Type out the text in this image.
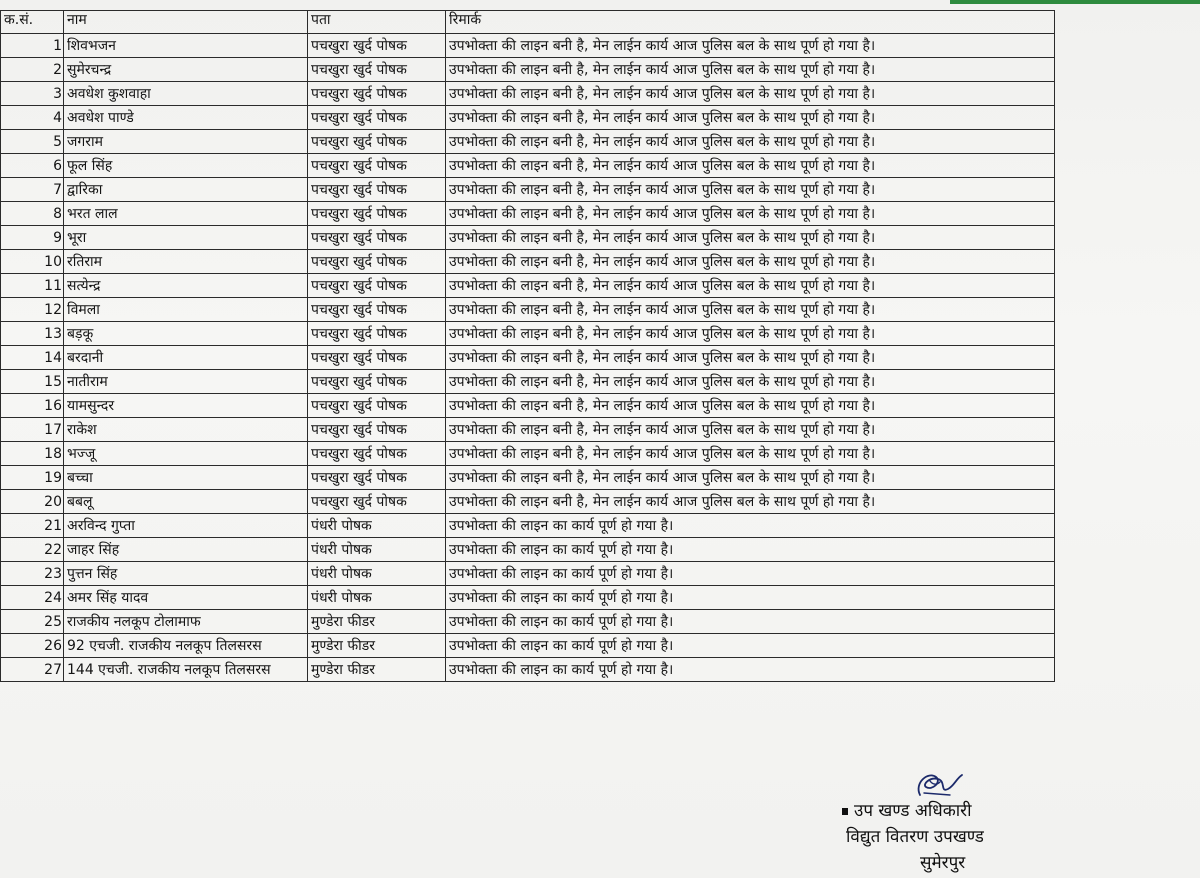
क.सं.	नाम	पता	रिमार्क
1	शिवभजन	पचखुरा खुर्द पोषक	उपभोक्ता की लाइन बनी है, मेन लाईन कार्य आज पुलिस बल के साथ पूर्ण हो गया है।
2	सुमेरचन्द्र	पचखुरा खुर्द पोषक	उपभोक्ता की लाइन बनी है, मेन लाईन कार्य आज पुलिस बल के साथ पूर्ण हो गया है।
3	अवधेश कुशवाहा	पचखुरा खुर्द पोषक	उपभोक्ता की लाइन बनी है, मेन लाईन कार्य आज पुलिस बल के साथ पूर्ण हो गया है।
4	अवधेश पाण्डे	पचखुरा खुर्द पोषक	उपभोक्ता की लाइन बनी है, मेन लाईन कार्य आज पुलिस बल के साथ पूर्ण हो गया है।
5	जगराम	पचखुरा खुर्द पोषक	उपभोक्ता की लाइन बनी है, मेन लाईन कार्य आज पुलिस बल के साथ पूर्ण हो गया है।
6	फूल सिंह	पचखुरा खुर्द पोषक	उपभोक्ता की लाइन बनी है, मेन लाईन कार्य आज पुलिस बल के साथ पूर्ण हो गया है।
7	द्वारिका	पचखुरा खुर्द पोषक	उपभोक्ता की लाइन बनी है, मेन लाईन कार्य आज पुलिस बल के साथ पूर्ण हो गया है।
8	भरत लाल	पचखुरा खुर्द पोषक	उपभोक्ता की लाइन बनी है, मेन लाईन कार्य आज पुलिस बल के साथ पूर्ण हो गया है।
9	भूरा	पचखुरा खुर्द पोषक	उपभोक्ता की लाइन बनी है, मेन लाईन कार्य आज पुलिस बल के साथ पूर्ण हो गया है।
10	रतिराम	पचखुरा खुर्द पोषक	उपभोक्ता की लाइन बनी है, मेन लाईन कार्य आज पुलिस बल के साथ पूर्ण हो गया है।
11	सत्येन्द्र	पचखुरा खुर्द पोषक	उपभोक्ता की लाइन बनी है, मेन लाईन कार्य आज पुलिस बल के साथ पूर्ण हो गया है।
12	विमला	पचखुरा खुर्द पोषक	उपभोक्ता की लाइन बनी है, मेन लाईन कार्य आज पुलिस बल के साथ पूर्ण हो गया है।
13	बड़कू	पचखुरा खुर्द पोषक	उपभोक्ता की लाइन बनी है, मेन लाईन कार्य आज पुलिस बल के साथ पूर्ण हो गया है।
14	बरदानी	पचखुरा खुर्द पोषक	उपभोक्ता की लाइन बनी है, मेन लाईन कार्य आज पुलिस बल के साथ पूर्ण हो गया है।
15	नातीराम	पचखुरा खुर्द पोषक	उपभोक्ता की लाइन बनी है, मेन लाईन कार्य आज पुलिस बल के साथ पूर्ण हो गया है।
16	यामसुन्दर	पचखुरा खुर्द पोषक	उपभोक्ता की लाइन बनी है, मेन लाईन कार्य आज पुलिस बल के साथ पूर्ण हो गया है।
17	राकेश	पचखुरा खुर्द पोषक	उपभोक्ता की लाइन बनी है, मेन लाईन कार्य आज पुलिस बल के साथ पूर्ण हो गया है।
18	भज्जू	पचखुरा खुर्द पोषक	उपभोक्ता की लाइन बनी है, मेन लाईन कार्य आज पुलिस बल के साथ पूर्ण हो गया है।
19	बच्चा	पचखुरा खुर्द पोषक	उपभोक्ता की लाइन बनी है, मेन लाईन कार्य आज पुलिस बल के साथ पूर्ण हो गया है।
20	बबलू	पचखुरा खुर्द पोषक	उपभोक्ता की लाइन बनी है, मेन लाईन कार्य आज पुलिस बल के साथ पूर्ण हो गया है।
21	अरविन्द गुप्ता	पंधरी पोषक	उपभोक्ता की लाइन का कार्य पूर्ण हो गया है।
22	जाहर सिंह	पंधरी पोषक	उपभोक्ता की लाइन का कार्य पूर्ण हो गया है।
23	पुत्तन सिंह	पंधरी पोषक	उपभोक्ता की लाइन का कार्य पूर्ण हो गया है।
24	अमर सिंह यादव	पंधरी पोषक	उपभोक्ता की लाइन का कार्य पूर्ण हो गया है।
25	राजकीय नलकूप टोलामाफ	मुण्डेरा फीडर	उपभोक्ता की लाइन का कार्य पूर्ण हो गया है।
26	92 एचजी. राजकीय नलकूप तिलसरस	मुण्डेरा फीडर	उपभोक्ता की लाइन का कार्य पूर्ण हो गया है।
27	144 एचजी. राजकीय नलकूप तिलसरस	मुण्डेरा फीडर	उपभोक्ता की लाइन का कार्य पूर्ण हो गया है।
उप खण्ड अधिकारी
विद्युत वितरण उपखण्ड
सुमेरपुर
